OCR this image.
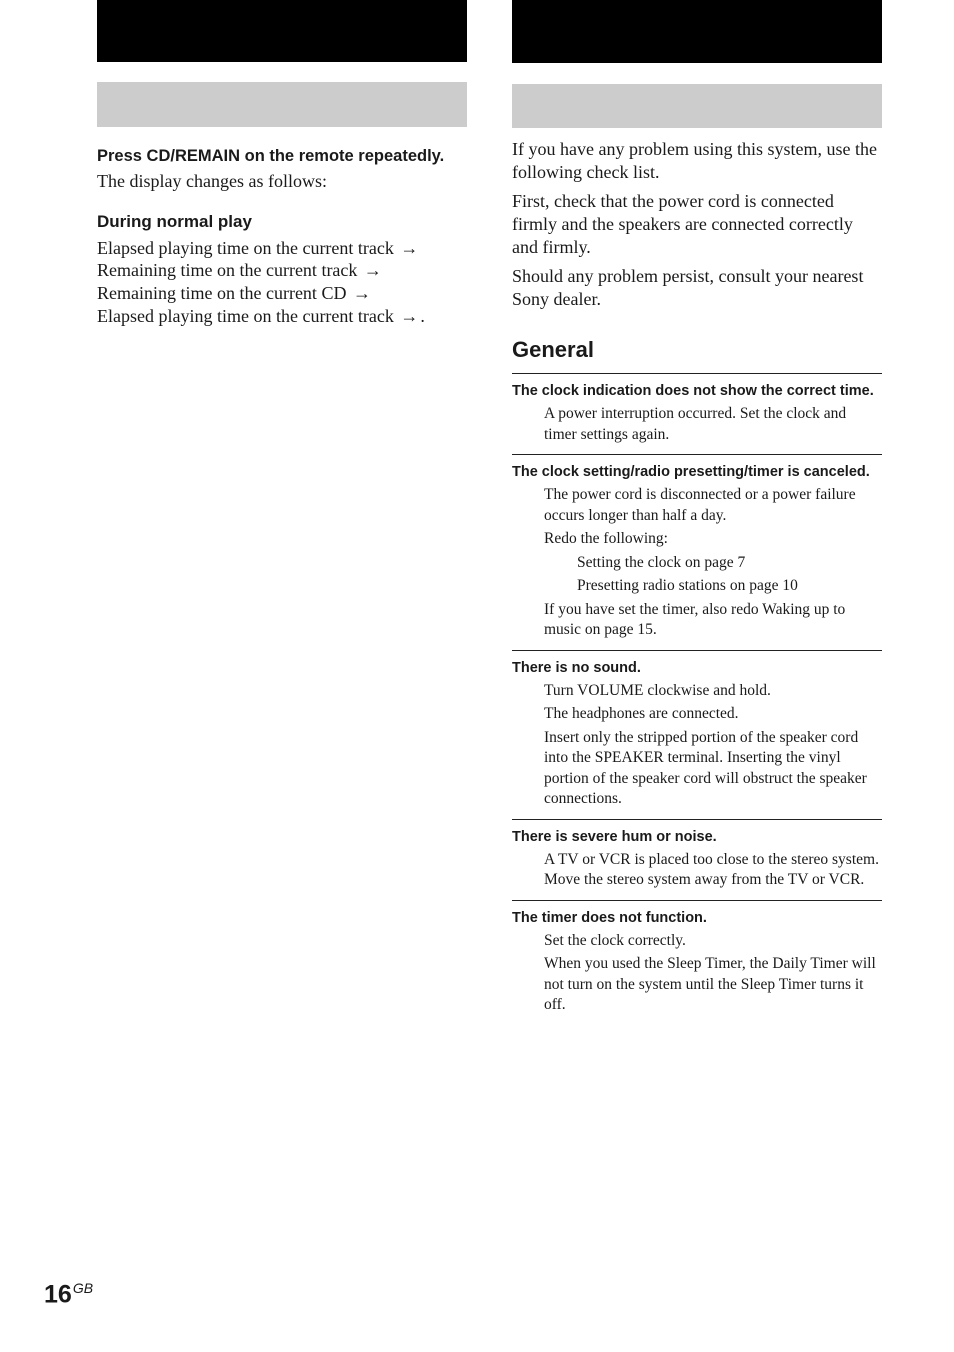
Press CD/REMAIN on the remote repeatedly.

The display changes as follows:

During normal play

Elapsed playing time on the current track →
Remaining time on the current track →
Remaining time on the current CD →
Elapsed playing time on the current track → .

If you have any problem using this system, use the following check list.

First, check that the power cord is connected firmly and the speakers are connected correctly and firmly.

Should any problem persist, consult your nearest Sony dealer.

General

The clock indication does not show the correct time.

A power interruption occurred. Set the clock and timer settings again.

The clock setting/radio presetting/timer is canceled.

The power cord is disconnected or a power failure occurs longer than half a day.

Redo the following:

Setting the clock on page 7

Presetting radio stations on page 10

If you have set the timer, also redo Waking up to music on page 15.

There is no sound.

Turn VOLUME clockwise and hold.

The headphones are connected.

Insert only the stripped portion of the speaker cord into the SPEAKER terminal. Inserting the vinyl portion of the speaker cord will obstruct the speaker connections.

There is severe hum or noise.

A TV or VCR is placed too close to the stereo system. Move the stereo system away from the TV or VCR.

The timer does not function.

Set the clock correctly.

When you used the Sleep Timer, the Daily Timer will not turn on the system until the Sleep Timer turns it off.

$16^{GB}$
